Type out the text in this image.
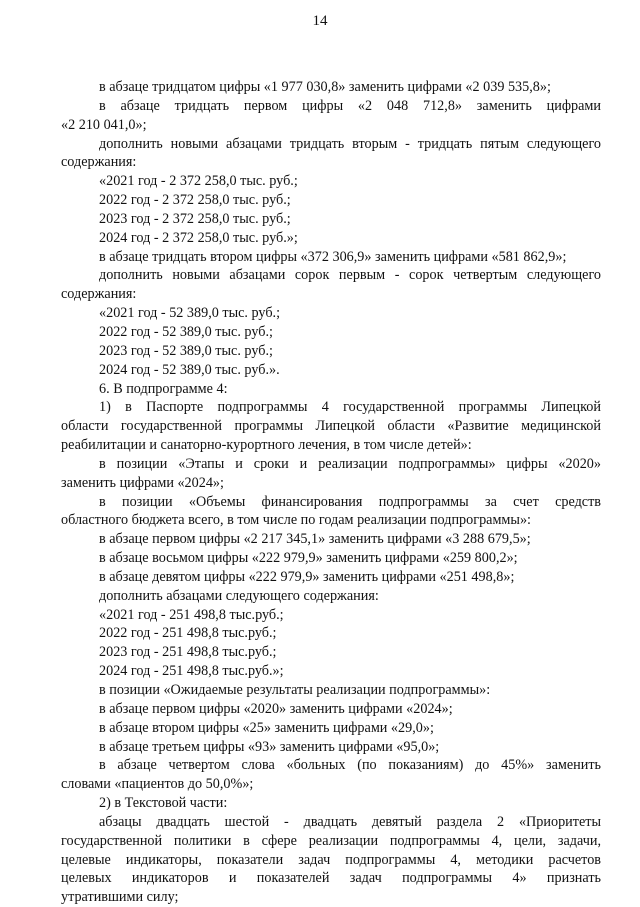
14
в абзаце тридцатом цифры «1 977 030,8» заменить цифрами «2 039 535,8»;
в абзаце тридцать первом цифры «2 048 712,8» заменить цифрами
«2 210 041,0»;
дополнить новыми абзацами тридцать вторым - тридцать пятым следующего
содержания:
«2021 год - 2 372 258,0 тыс. руб.;
2022 год - 2 372 258,0 тыс. руб.;
2023 год - 2 372 258,0 тыс. руб.;
2024 год - 2 372 258,0 тыс. руб.»;
в абзаце тридцать втором цифры «372 306,9» заменить цифрами «581 862,9»;
дополнить новыми абзацами сорок первым - сорок четвертым следующего
содержания:
«2021 год - 52 389,0 тыс. руб.;
2022 год - 52 389,0 тыс. руб.;
2023 год - 52 389,0 тыс. руб.;
2024 год - 52 389,0 тыс. руб.».
6. В подпрограмме 4:
1) в Паспорте подпрограммы 4 государственной программы Липецкой
области государственной программы Липецкой области «Развитие медицинской
реабилитации и санаторно-курортного лечения, в том числе детей»:
в позиции «Этапы и сроки и реализации подпрограммы» цифры «2020»
заменить цифрами «2024»;
в позиции «Объемы финансирования подпрограммы за счет средств
областного бюджета всего, в том числе по годам реализации подпрограммы»:
в абзаце первом цифры «2 217 345,1» заменить цифрами «3 288 679,5»;
в абзаце восьмом цифры «222 979,9» заменить цифрами «259 800,2»;
в абзаце девятом цифры «222 979,9» заменить цифрами «251 498,8»;
дополнить абзацами следующего содержания:
«2021 год - 251 498,8 тыс.руб.;
2022 год - 251 498,8 тыс.руб.;
2023 год - 251 498,8 тыс.руб.;
2024 год - 251 498,8 тыс.руб.»;
в позиции «Ожидаемые результаты реализации подпрограммы»:
в абзаце первом цифры «2020» заменить цифрами «2024»;
в абзаце втором цифры «25» заменить цифрами «29,0»;
в абзаце третьем цифры «93» заменить цифрами «95,0»;
в абзаце четвертом слова «больных (по показаниям) до 45%» заменить
словами «пациентов до 50,0%»;
2) в Текстовой части:
абзацы двадцать шестой - двадцать девятый раздела 2 «Приоритеты
государственной политики в сфере реализации подпрограммы 4, цели, задачи,
целевые индикаторы, показатели задач подпрограммы 4, методики расчетов
целевых индикаторов и показателей задач подпрограммы 4» признать
утратившими силу;
